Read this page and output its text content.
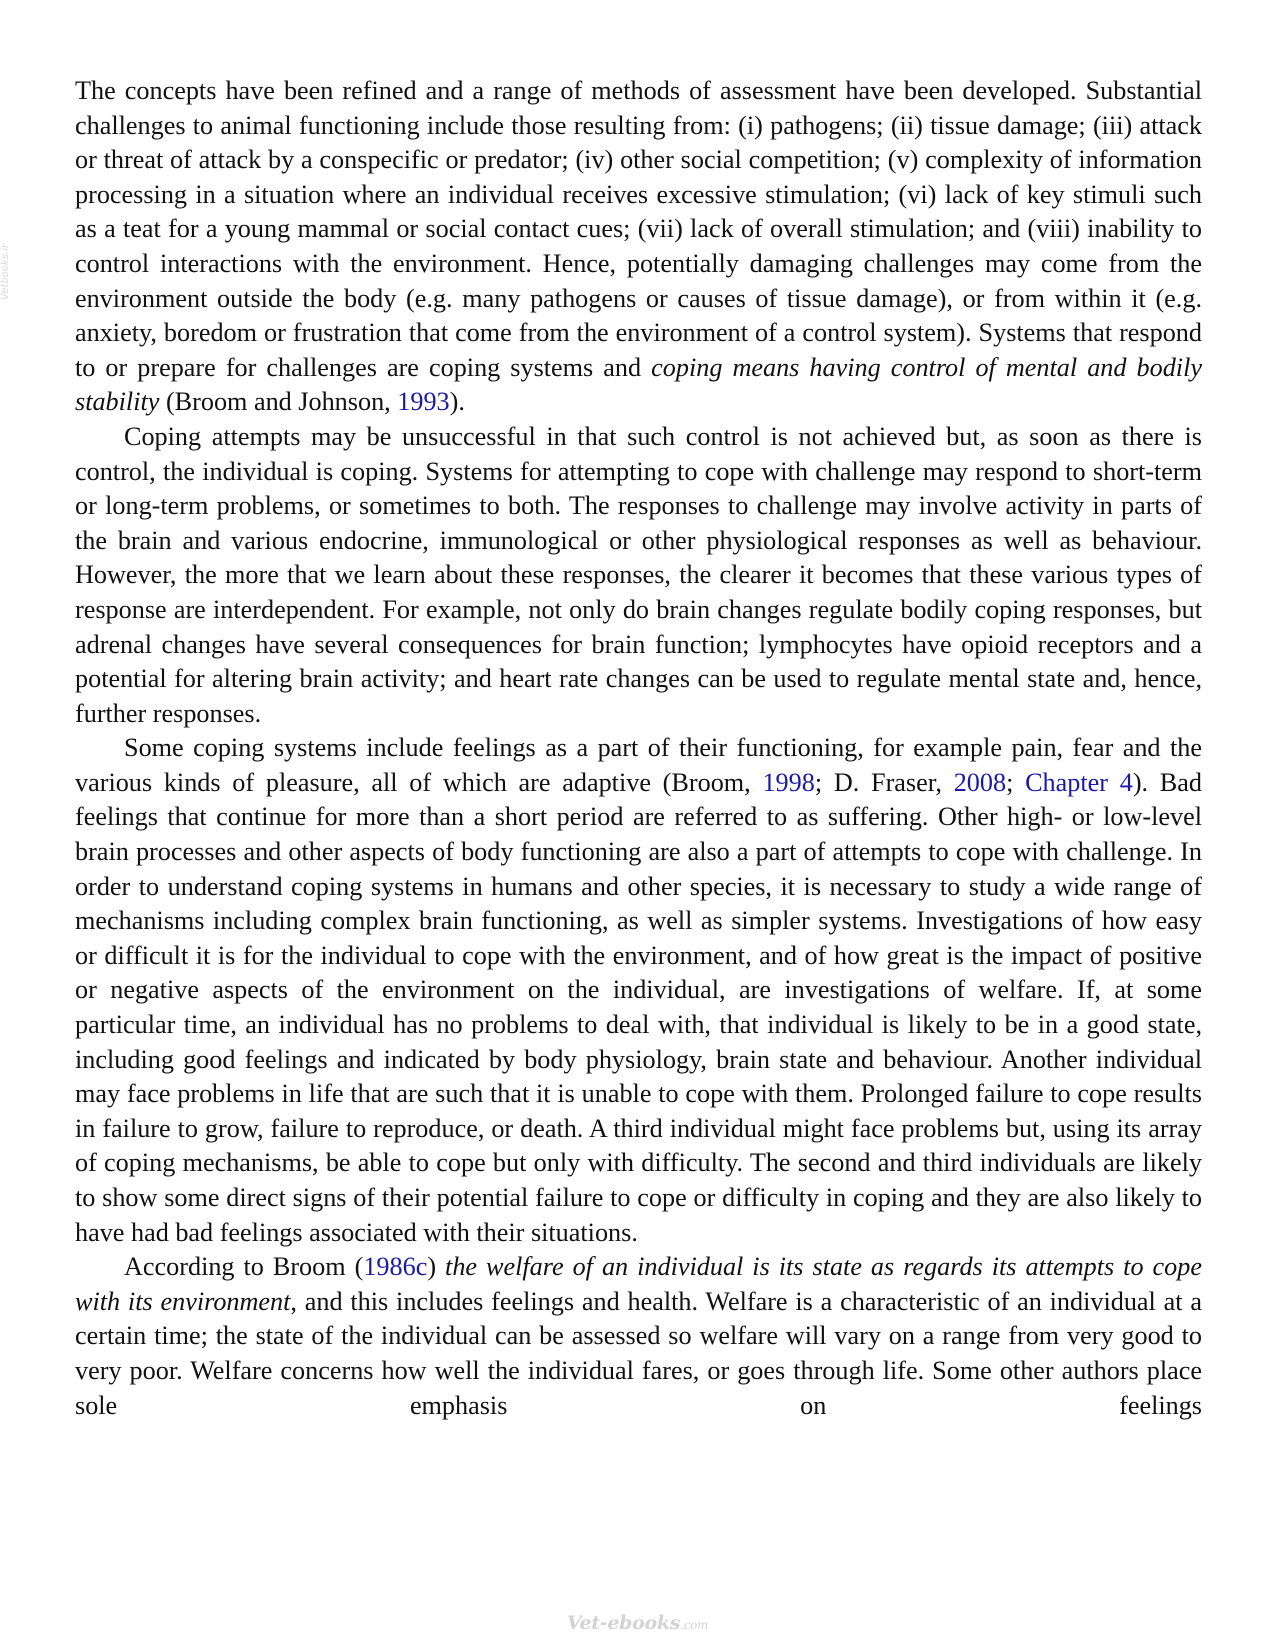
Vetbooks.ir

The concepts have been refined and a range of methods of assessment have been developed. Substantial challenges to animal functioning include those resulting from: (i) pathogens; (ii) tissue damage; (iii) attack or threat of attack by a conspecific or predator; (iv) other social competition; (v) complexity of information processing in a situation where an individual receives excessive stimulation; (vi) lack of key stimuli such as a teat for a young mammal or social contact cues; (vii) lack of overall stimulation; and (viii) inability to control interactions with the environment. Hence, potentially damaging challenges may come from the environment outside the body (e.g. many pathogens or causes of tissue damage), or from within it (e.g. anxiety, boredom or frustration that come from the environment of a control system). Systems that respond to or prepare for challenges are coping systems and coping means having control of mental and bodily stability (Broom and Johnson, 1993).

Coping attempts may be unsuccessful in that such control is not achieved but, as soon as there is control, the individual is coping. Systems for attempting to cope with challenge may respond to short-term or long-term problems, or sometimes to both. The responses to challenge may involve activity in parts of the brain and various endocrine, immunological or other physiological responses as well as behaviour. However, the more that we learn about these responses, the clearer it becomes that these various types of response are interdependent. For example, not only do brain changes regulate bodily coping responses, but adrenal changes have several consequences for brain function; lymphocytes have opioid receptors and a potential for altering brain activity; and heart rate changes can be used to regulate mental state and, hence, further responses.

Some coping systems include feelings as a part of their functioning, for example pain, fear and the various kinds of pleasure, all of which are adaptive (Broom, 1998; D. Fraser, 2008; Chapter 4). Bad feelings that continue for more than a short period are referred to as suffering. Other high- or low-level brain processes and other aspects of body functioning are also a part of attempts to cope with challenge. In order to understand coping systems in humans and other species, it is necessary to study a wide range of mechanisms including complex brain functioning, as well as simpler systems. Investigations of how easy or difficult it is for the individual to cope with the environment, and of how great is the impact of positive or negative aspects of the environment on the individual, are investigations of welfare. If, at some particular time, an individual has no problems to deal with, that individual is likely to be in a good state, including good feelings and indicated by body physiology, brain state and behaviour. Another individual may face problems in life that are such that it is unable to cope with them. Prolonged failure to cope results in failure to grow, failure to reproduce, or death. A third individual might face problems but, using its array of coping mechanisms, be able to cope but only with difficulty. The second and third individuals are likely to show some direct signs of their potential failure to cope or difficulty in coping and they are also likely to have had bad feelings associated with their situations.

According to Broom (1986c) the welfare of an individual is its state as regards its attempts to cope with its environment, and this includes feelings and health. Welfare is a characteristic of an individual at a certain time; the state of the individual can be assessed so welfare will vary on a range from very good to very poor. Welfare concerns how well the individual fares, or goes through life. Some other authors place sole emphasis on feelings

Vet-ebooks.com
